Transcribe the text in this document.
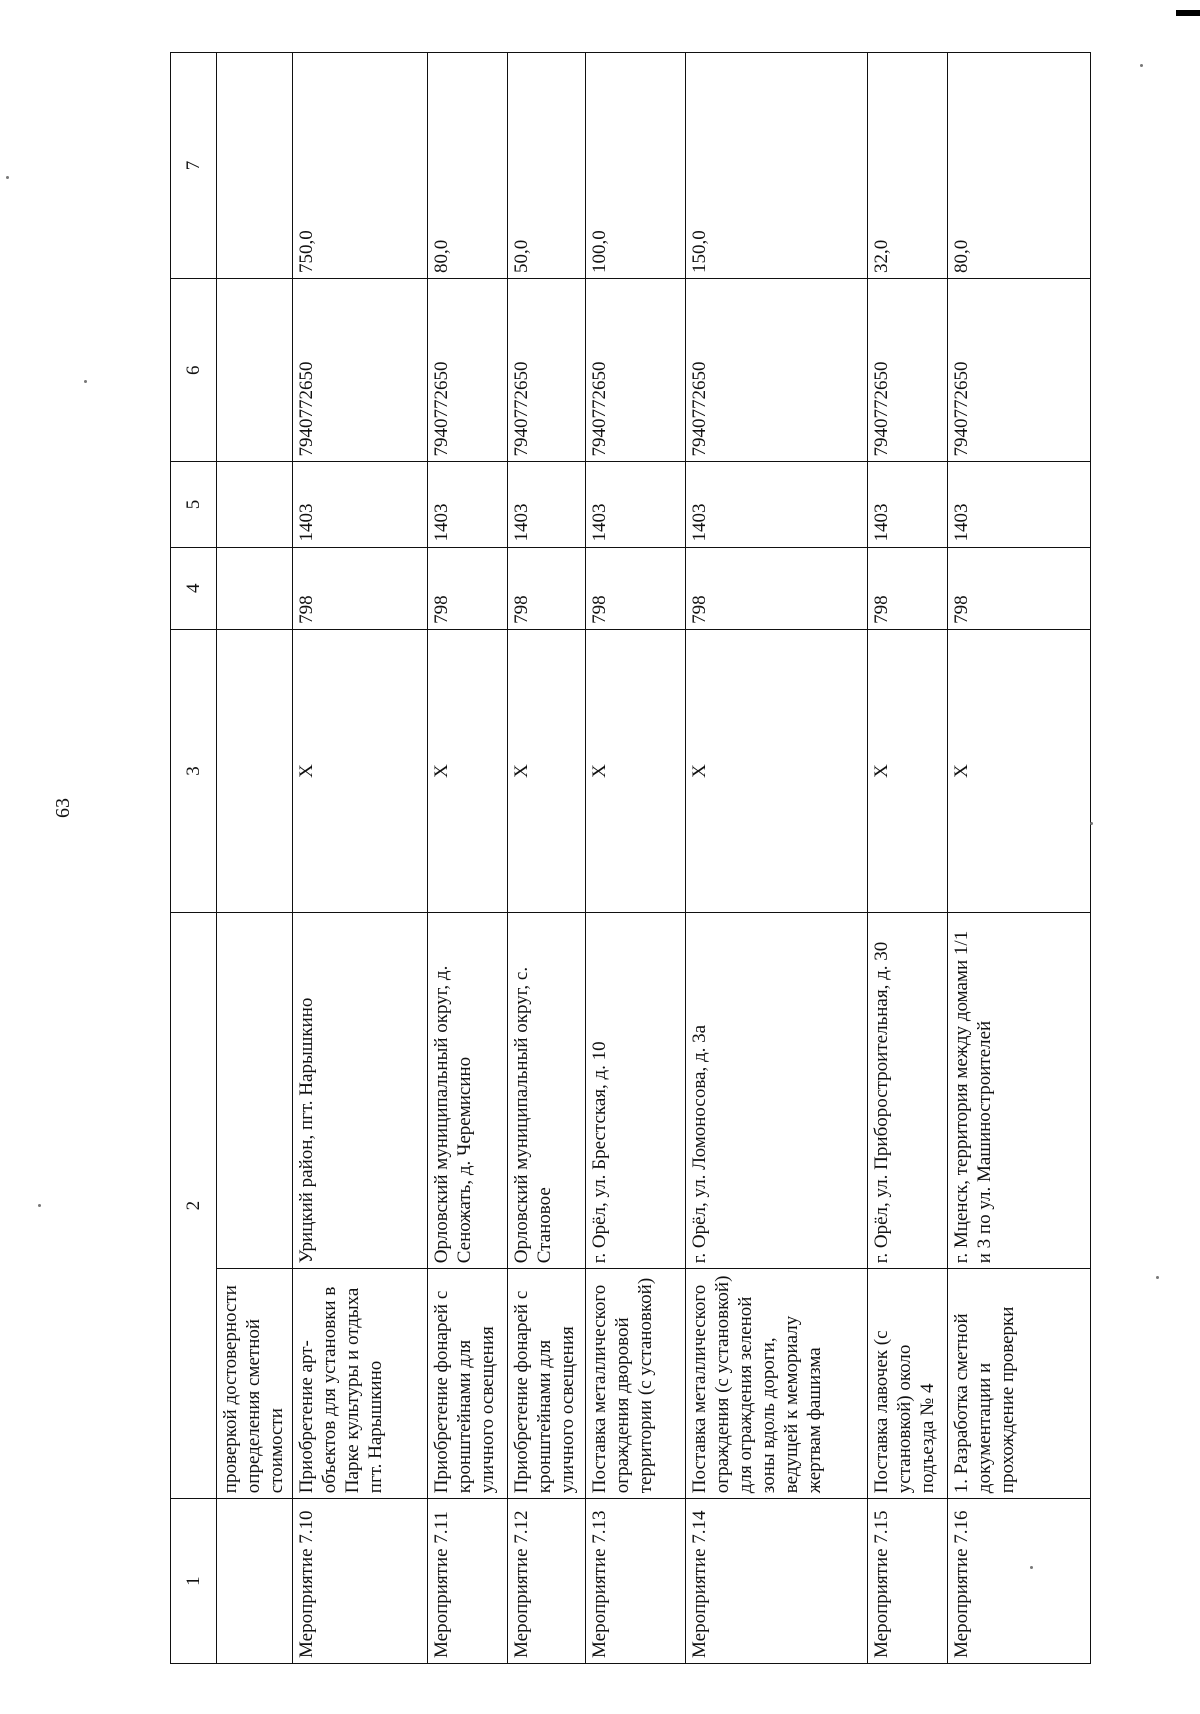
63
1	2		3	4	5	6	7
	проверкой достоверности определения сметной стоимости						
Мероприятие 7.10	Приобретение арт-объектов для установки в Парке культуры и отдыха пгт. Нарышкино	Урицкий район, пгт. Нарышкино	X	798	1403	7940772650	750,0
Мероприятие 7.11	Приобретение фонарей с кронштейнами для уличного освещения	Орловский муниципальный округ, д. Сеножать, д. Черемисино	X	798	1403	7940772650	80,0
Мероприятие 7.12	Приобретение фонарей с кронштейнами для уличного освещения	Орловский муниципальный округ, с. Становое	X	798	1403	7940772650	50,0
Мероприятие 7.13	Поставка металлического ограждения дворовой территории (с установкой)	г. Орёл, ул. Брестская, д. 10	X	798	1403	7940772650	100,0
Мероприятие 7.14	Поставка металлического ограждения (с установкой) для ограждения зеленой зоны вдоль дороги, ведущей к мемориалу жертвам фашизма	г. Орёл, ул. Ломоносова, д. 3а	X	798	1403	7940772650	150,0
Мероприятие 7.15	Поставка лавочек (с установкой) около подъезда № 4	г. Орёл, ул. Приборостроительная, д. 30	X	798	1403	7940772650	32,0
Мероприятие 7.16	1. Разработка сметной документации и прохождение проверки	г. Мценск, территория между домами 1/1 и 3 по ул. Машиностроителей	X	798	1403	7940772650	80,0
